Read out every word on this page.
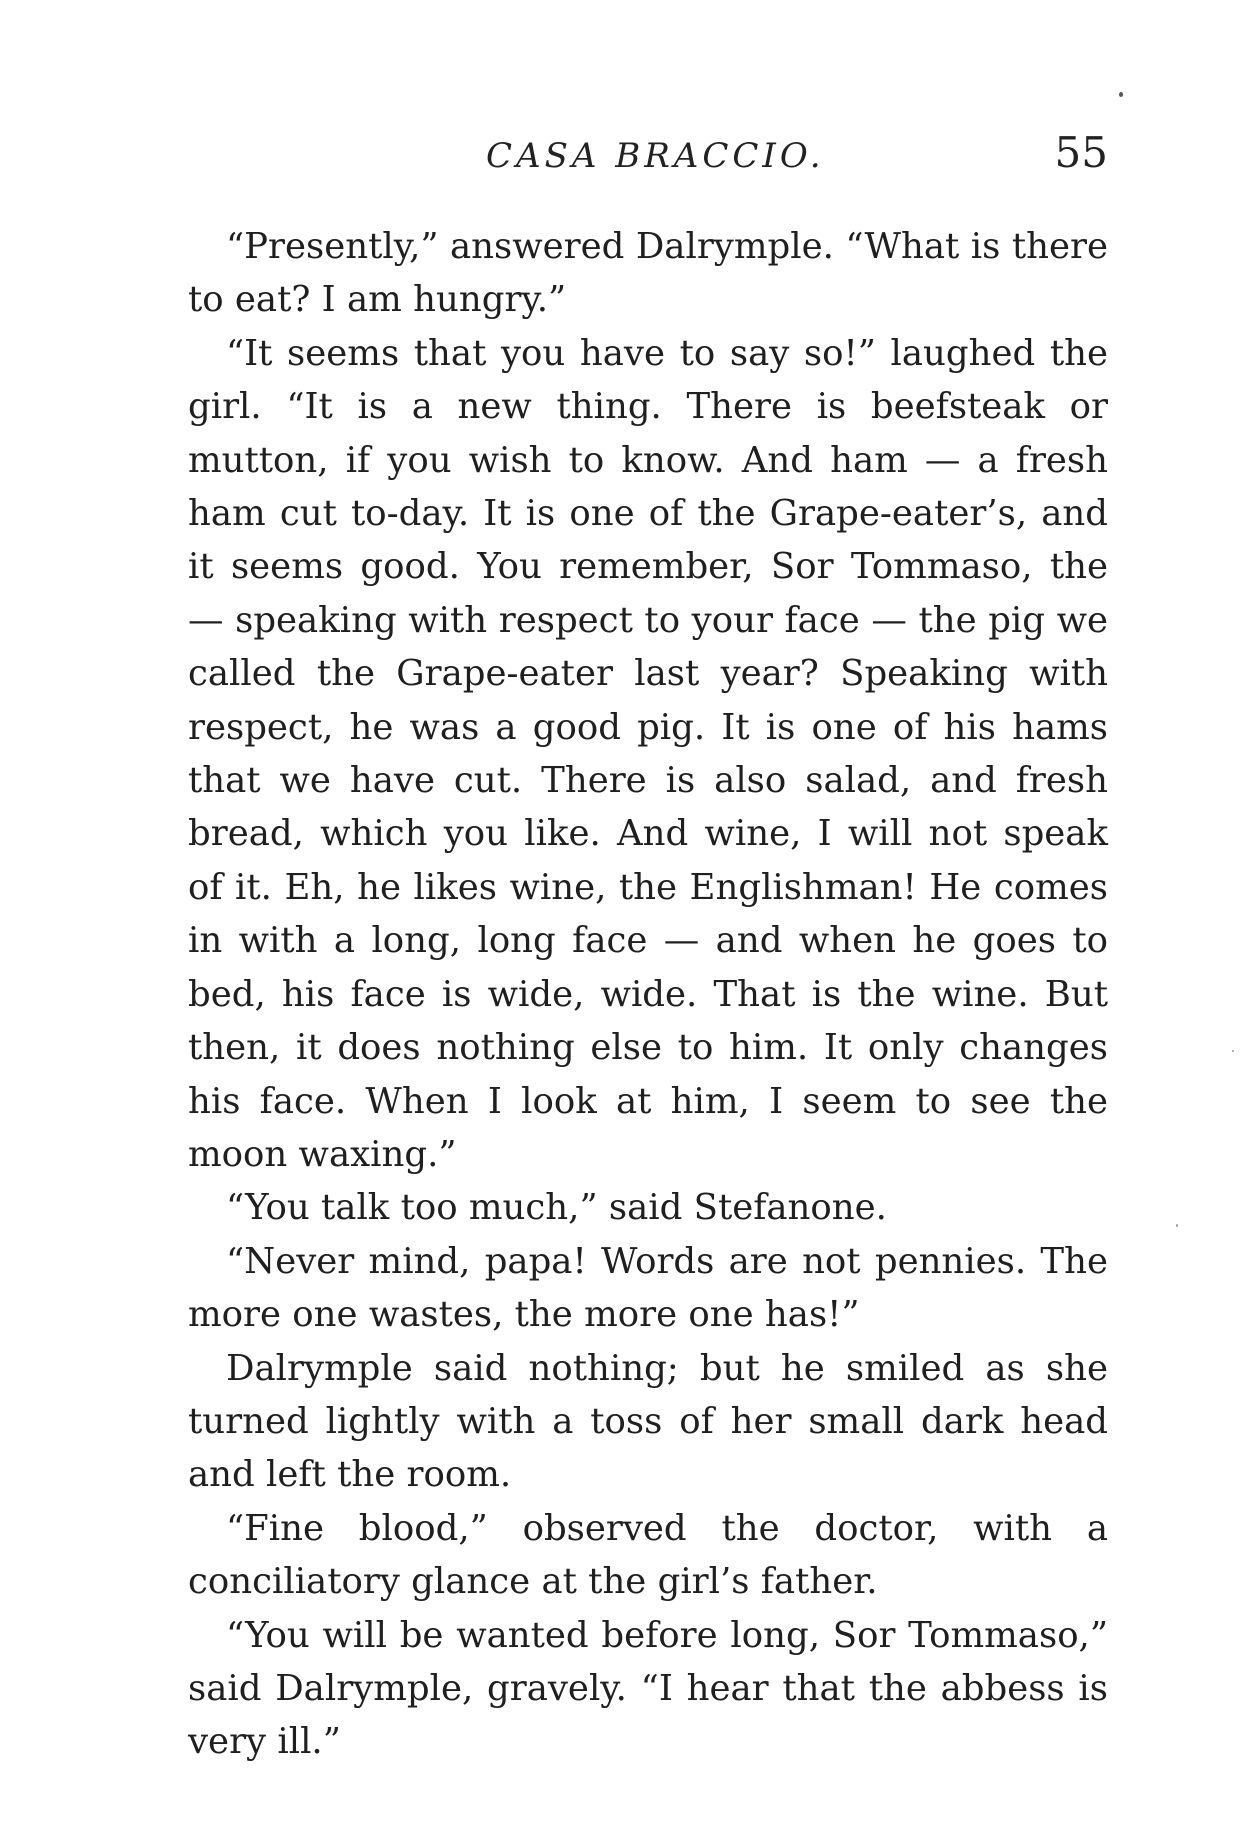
CASA BRACCIO.	55

“Presently,” answered Dalrymple. “What is there to eat? I am hungry.”

“It seems that you have to say so!” laughed the girl. “It is a new thing. There is beefsteak or mutton, if you wish to know. And ham — a fresh ham cut to-day. It is one of the Grape-eater’s, and it seems good. You remember, Sor Tommaso, the — speaking with respect to your face — the pig we called the Grape-eater last year? Speaking with respect, he was a good pig. It is one of his hams that we have cut. There is also salad, and fresh bread, which you like. And wine, I will not speak of it. Eh, he likes wine, the Englishman! He comes in with a long, long face — and when he goes to bed, his face is wide, wide. That is the wine. But then, it does nothing else to him. It only changes his face. When I look at him, I seem to see the moon waxing.”

“You talk too much,” said Stefanone.

“Never mind, papa! Words are not pennies. The more one wastes, the more one has!”

Dalrymple said nothing; but he smiled as she turned lightly with a toss of her small dark head and left the room.

“Fine blood,” observed the doctor, with a conciliatory glance at the girl’s father.

“You will be wanted before long, Sor Tommaso,” said Dalrymple, gravely. “I hear that the abbess is very ill.”
